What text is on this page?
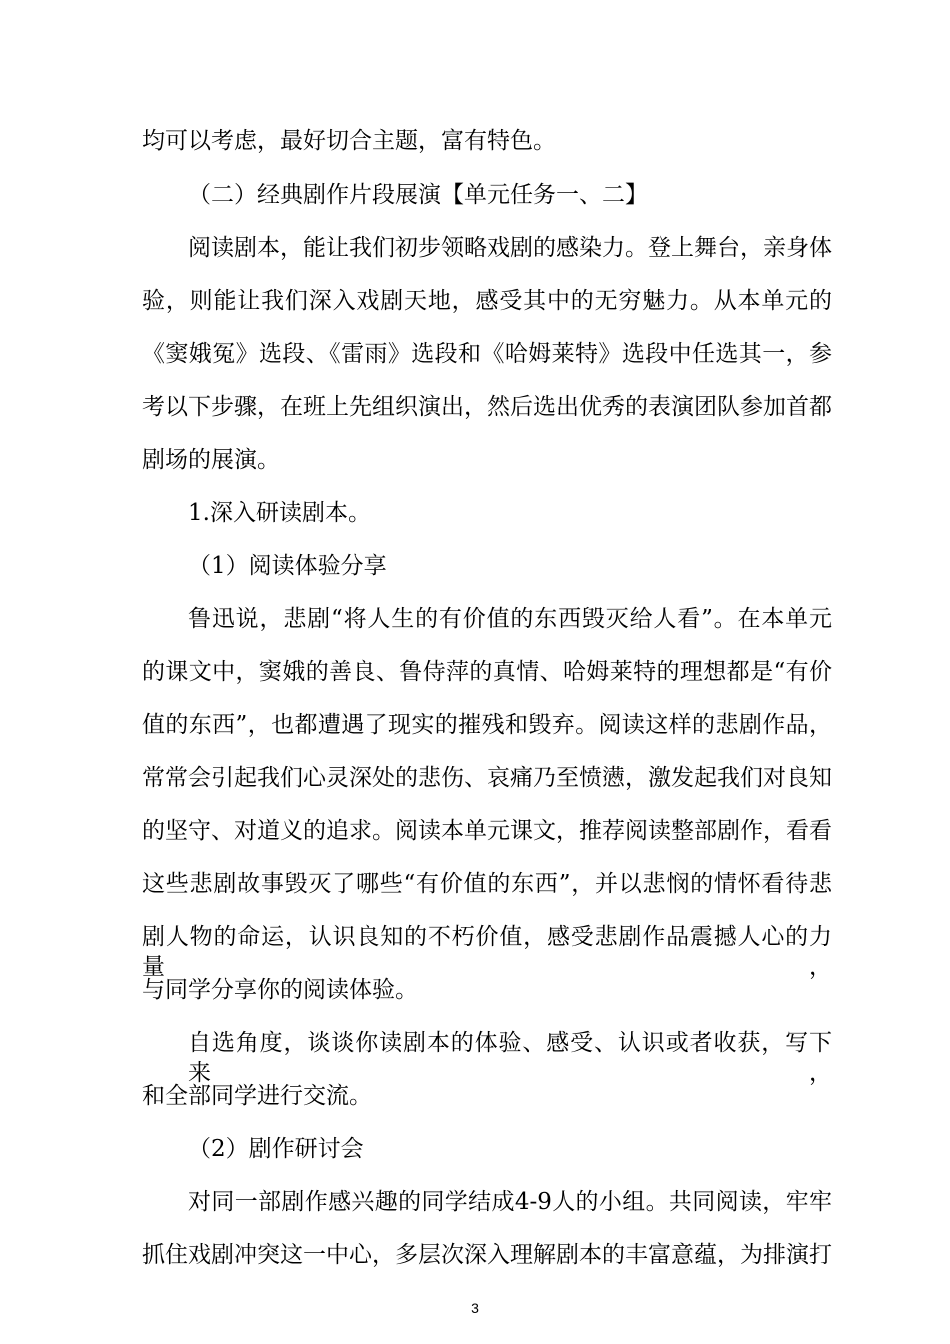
均可以考虑，最好切合主题，富有特色。
（二）经典剧作片段展演【单元任务一、二】
阅读剧本，能让我们初步领略戏剧的感染力。登上舞台，亲身体
验，则能让我们深入戏剧天地，感受其中的无穷魅力。从本单元的
《窦娥冤》选段、《雷雨》选段和《哈姆莱特》选段中任选其一，参
考以下步骤，在班上先组织演出，然后选出优秀的表演团队参加首都
剧场的展演。
1.深入研读剧本。
（1）阅读体验分享
鲁迅说，悲剧“将人生的有价值的东西毁灭给人看”。在本单元
的课文中，窦娥的善良、鲁侍萍的真情、哈姆莱特的理想都是“有价
值的东西”，也都遭遇了现实的摧残和毁弃。阅读这样的悲剧作品，
常常会引起我们心灵深处的悲伤、哀痛乃至愤懑，激发起我们对良知
的坚守、对道义的追求。阅读本单元课文，推荐阅读整部剧作，看看
这些悲剧故事毁灭了哪些“有价值的东西”，并以悲悯的情怀看待悲
剧人物的命运，认识良知的不朽价值，感受悲剧作品震撼人心的力量，
与同学分享你的阅读体验。
自选角度，谈谈你读剧本的体验、感受、认识或者收获，写下来，
和全部同学进行交流。
（2）剧作研讨会
对同一部剧作感兴趣的同学结成4-9人的小组。共同阅读，牢牢
抓住戏剧冲突这一中心，多层次深入理解剧本的丰富意蕴，为排演打
3
